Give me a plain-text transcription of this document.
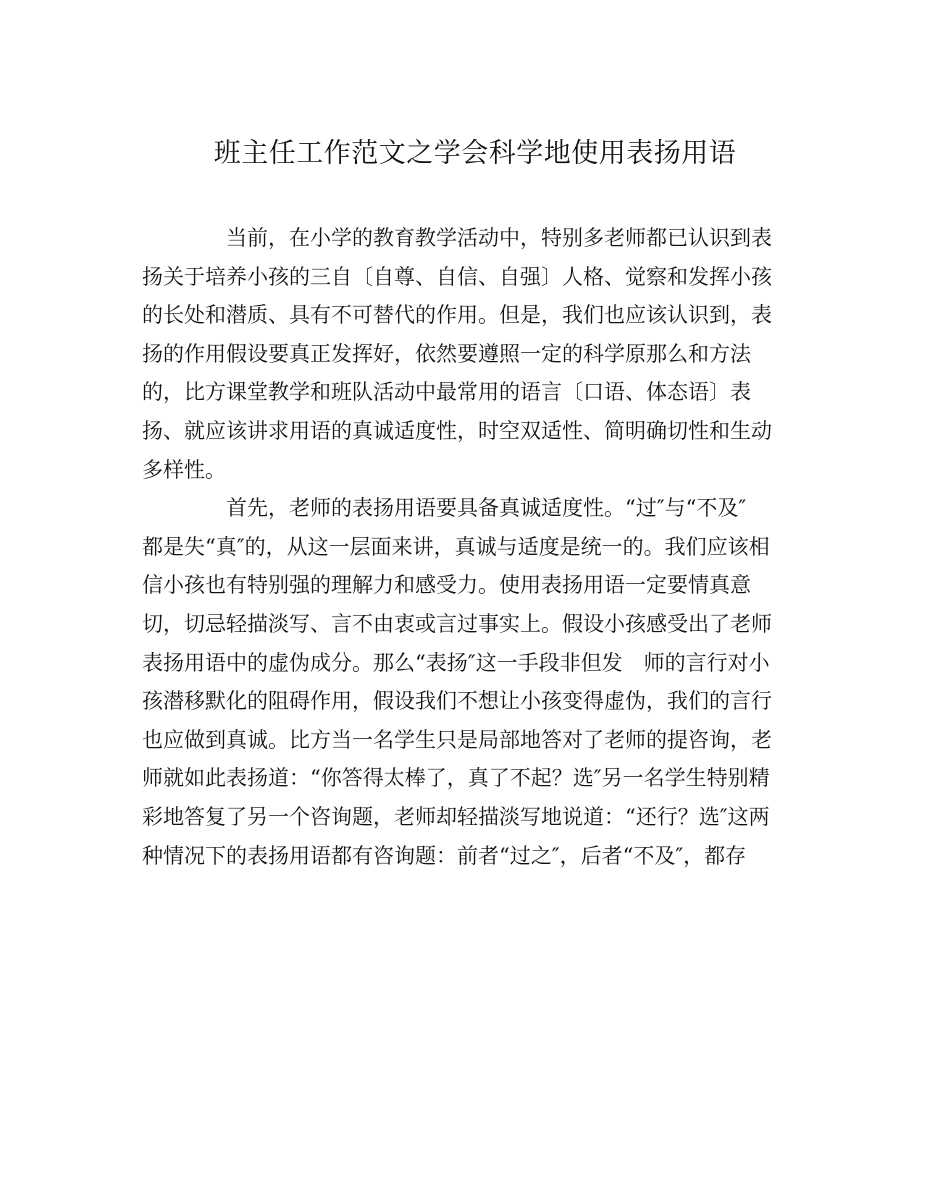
班主任工作范文之学会科学地使用表扬用语
当前，在小学的教育教学活动中，特别多老师都已认识到表
扬关于培养小孩的三自〔自尊、自信、自强〕人格、觉察和发挥小孩
的长处和潜质、具有不可替代的作用。但是，我们也应该认识到，表
扬的作用假设要真正发挥好，依然要遵照一定的科学原那么和方法
的，比方课堂教学和班队活动中最常用的语言〔口语、体态语〕表
扬、就应该讲求用语的真诚适度性，时空双适性、简明确切性和生动
多样性。
首先，老师的表扬用语要具备真诚适度性。“过″与“不及″
都是失“真″的，从这一层面来讲，真诚与适度是统一的。我们应该相
信小孩也有特别强的理解力和感受力。使用表扬用语一定要情真意
切，切忌轻描淡写、言不由衷或言过事实上。假设小孩感受出了老师
表扬用语中的虚伪成分。那么“表扬″这一手段非但发　师的言行对小
孩潜移默化的阻碍作用，假设我们不想让小孩变得虚伪，我们的言行
也应做到真诚。比方当一名学生只是局部地答对了老师的提咨询，老
师就如此表扬道：“你答得太棒了，真了不起？选″另一名学生特别精
彩地答复了另一个咨询题，老师却轻描淡写地说道：“还行？选″这两
种情况下的表扬用语都有咨询题：前者“过之″，后者“不及″，都存
